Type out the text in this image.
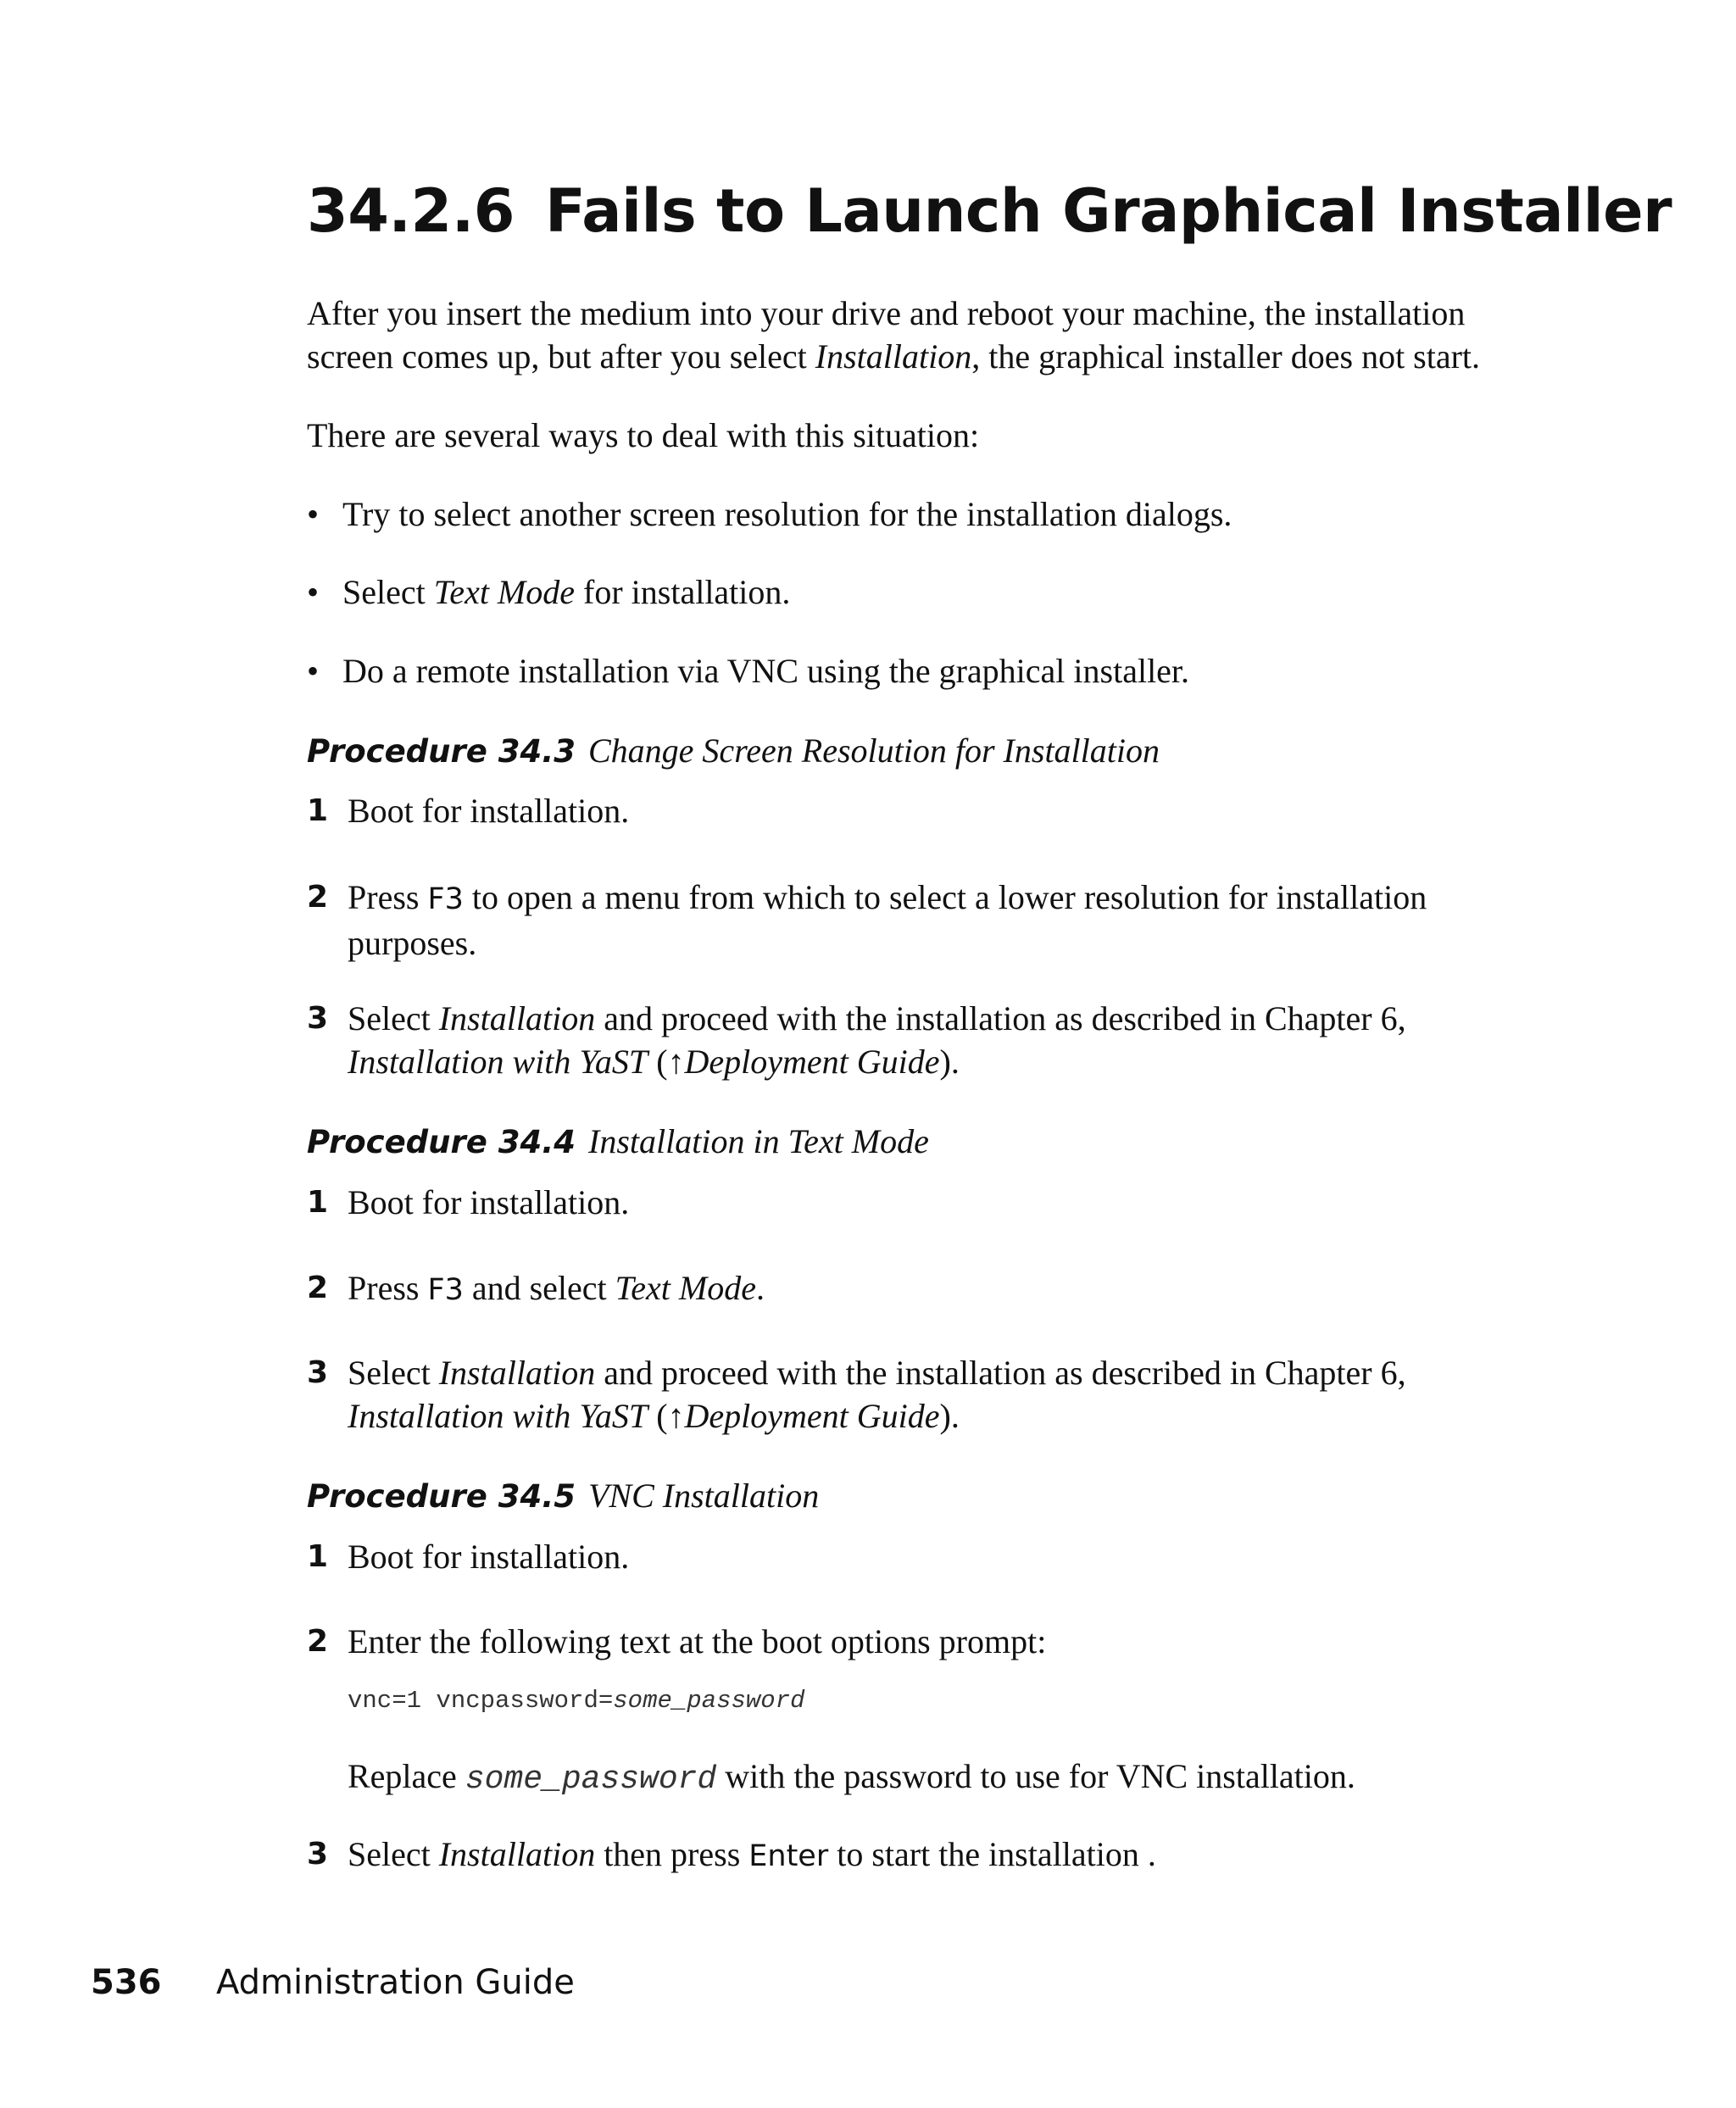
34.2.6 Fails to Launch Graphical Installer
After you insert the medium into your drive and reboot your machine, the installation screen comes up, but after you select Installation, the graphical installer does not start.
There are several ways to deal with this situation:
• Try to select another screen resolution for the installation dialogs.
• Select Text Mode for installation.
• Do a remote installation via VNC using the graphical installer.
Procedure 34.3 Change Screen Resolution for Installation
1 Boot for installation.
2 Press F3 to open a menu from which to select a lower resolution for installation purposes.
3 Select Installation and proceed with the installation as described in Chapter 6, Installation with YaST (↑Deployment Guide).
Procedure 34.4 Installation in Text Mode
1 Boot for installation.
2 Press F3 and select Text Mode.
3 Select Installation and proceed with the installation as described in Chapter 6, Installation with YaST (↑Deployment Guide).
Procedure 34.5 VNC Installation
1 Boot for installation.
2 Enter the following text at the boot options prompt:
vnc=1 vncpassword=some_password
Replace some_password with the password to use for VNC installation.
3 Select Installation then press Enter to start the installation .
536 Administration Guide
